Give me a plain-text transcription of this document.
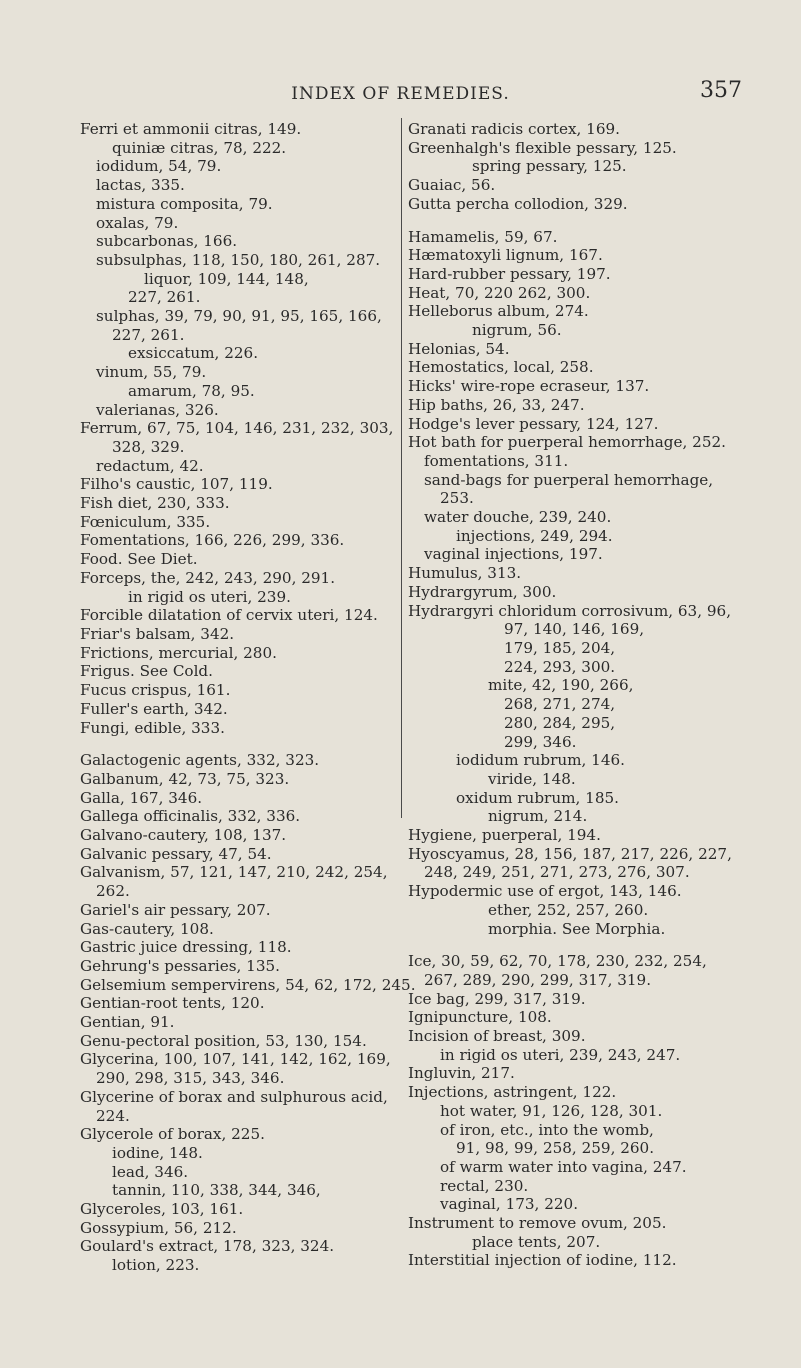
INDEX OF REMEDIES.	357
Ferri et ammonii citras, 149.
quiniæ citras, 78, 222.
iodidum, 54, 79.
lactas, 335.
mistura composita, 79.
oxalas, 79.
subcarbonas, 166.
subsulphas, 118, 150, 180, 261, 287.
liquor, 109, 144, 148,
227, 261.
sulphas, 39, 79, 90, 91, 95, 165, 166,
227, 261.
exsiccatum, 226.
vinum, 55, 79.
amarum, 78, 95.
valerianas, 326.
Ferrum, 67, 75, 104, 146, 231, 232, 303,
328, 329.
redactum, 42.
Filho's caustic, 107, 119.
Fish diet, 230, 333.
Fœniculum, 335.
Fomentations, 166, 226, 299, 336.
Food. See Diet.
Forceps, the, 242, 243, 290, 291.
in rigid os uteri, 239.
Forcible dilatation of cervix uteri, 124.
Friar's balsam, 342.
Frictions, mercurial, 280.
Frigus. See Cold.
Fucus crispus, 161.
Fuller's earth, 342.
Fungi, edible, 333.
Galactogenic agents, 332, 323.
Galbanum, 42, 73, 75, 323.
Galla, 167, 346.
Gallega officinalis, 332, 336.
Galvano-cautery, 108, 137.
Galvanic pessary, 47, 54.
Galvanism, 57, 121, 147, 210, 242, 254,
262.
Gariel's air pessary, 207.
Gas-cautery, 108.
Gastric juice dressing, 118.
Gehrung's pessaries, 135.
Gelsemium sempervirens, 54, 62, 172, 245.
Gentian-root tents, 120.
Gentian, 91.
Genu-pectoral position, 53, 130, 154.
Glycerina, 100, 107, 141, 142, 162, 169,
290, 298, 315, 343, 346.
Glycerine of borax and sulphurous acid,
224.
Glycerole of borax, 225.
iodine, 148.
lead, 346.
tannin, 110, 338, 344, 346,
Glyceroles, 103, 161.
Gossypium, 56, 212.
Goulard's extract, 178, 323, 324.
lotion, 223.
Granati radicis cortex, 169.
Greenhalgh's flexible pessary, 125.
spring pessary, 125.
Guaiac, 56.
Gutta percha collodion, 329.
Hamamelis, 59, 67.
Hæmatoxyli lignum, 167.
Hard-rubber pessary, 197.
Heat, 70, 220 262, 300.
Helleborus album, 274.
nigrum, 56.
Helonias, 54.
Hemostatics, local, 258.
Hicks' wire-rope ecraseur, 137.
Hip baths, 26, 33, 247.
Hodge's lever pessary, 124, 127.
Hot bath for puerperal hemorrhage, 252.
fomentations, 311.
sand-bags for puerperal hemorrhage,
253.
water douche, 239, 240.
injections, 249, 294.
vaginal injections, 197.
Humulus, 313.
Hydrargyrum, 300.
Hydrargyri chloridum corrosivum, 63, 96,
97, 140, 146, 169,
179, 185, 204,
224, 293, 300.
mite, 42, 190, 266,
268, 271, 274,
280, 284, 295,
299, 346.
iodidum rubrum, 146.
viride, 148.
oxidum rubrum, 185.
nigrum, 214.
Hygiene, puerperal, 194.
Hyoscyamus, 28, 156, 187, 217, 226, 227,
248, 249, 251, 271, 273, 276, 307.
Hypodermic use of ergot, 143, 146.
ether, 252, 257, 260.
morphia. See Morphia.
Ice, 30, 59, 62, 70, 178, 230, 232, 254,
267, 289, 290, 299, 317, 319.
Ice bag, 299, 317, 319.
Ignipuncture, 108.
Incision of breast, 309.
in rigid os uteri, 239, 243, 247.
Ingluvin, 217.
Injections, astringent, 122.
hot water, 91, 126, 128, 301.
of iron, etc., into the womb,
91, 98, 99, 258, 259, 260.
of warm water into vagina, 247.
rectal, 230.
vaginal, 173, 220.
Instrument to remove ovum, 205.
place tents, 207.
Interstitial injection of iodine, 112.
